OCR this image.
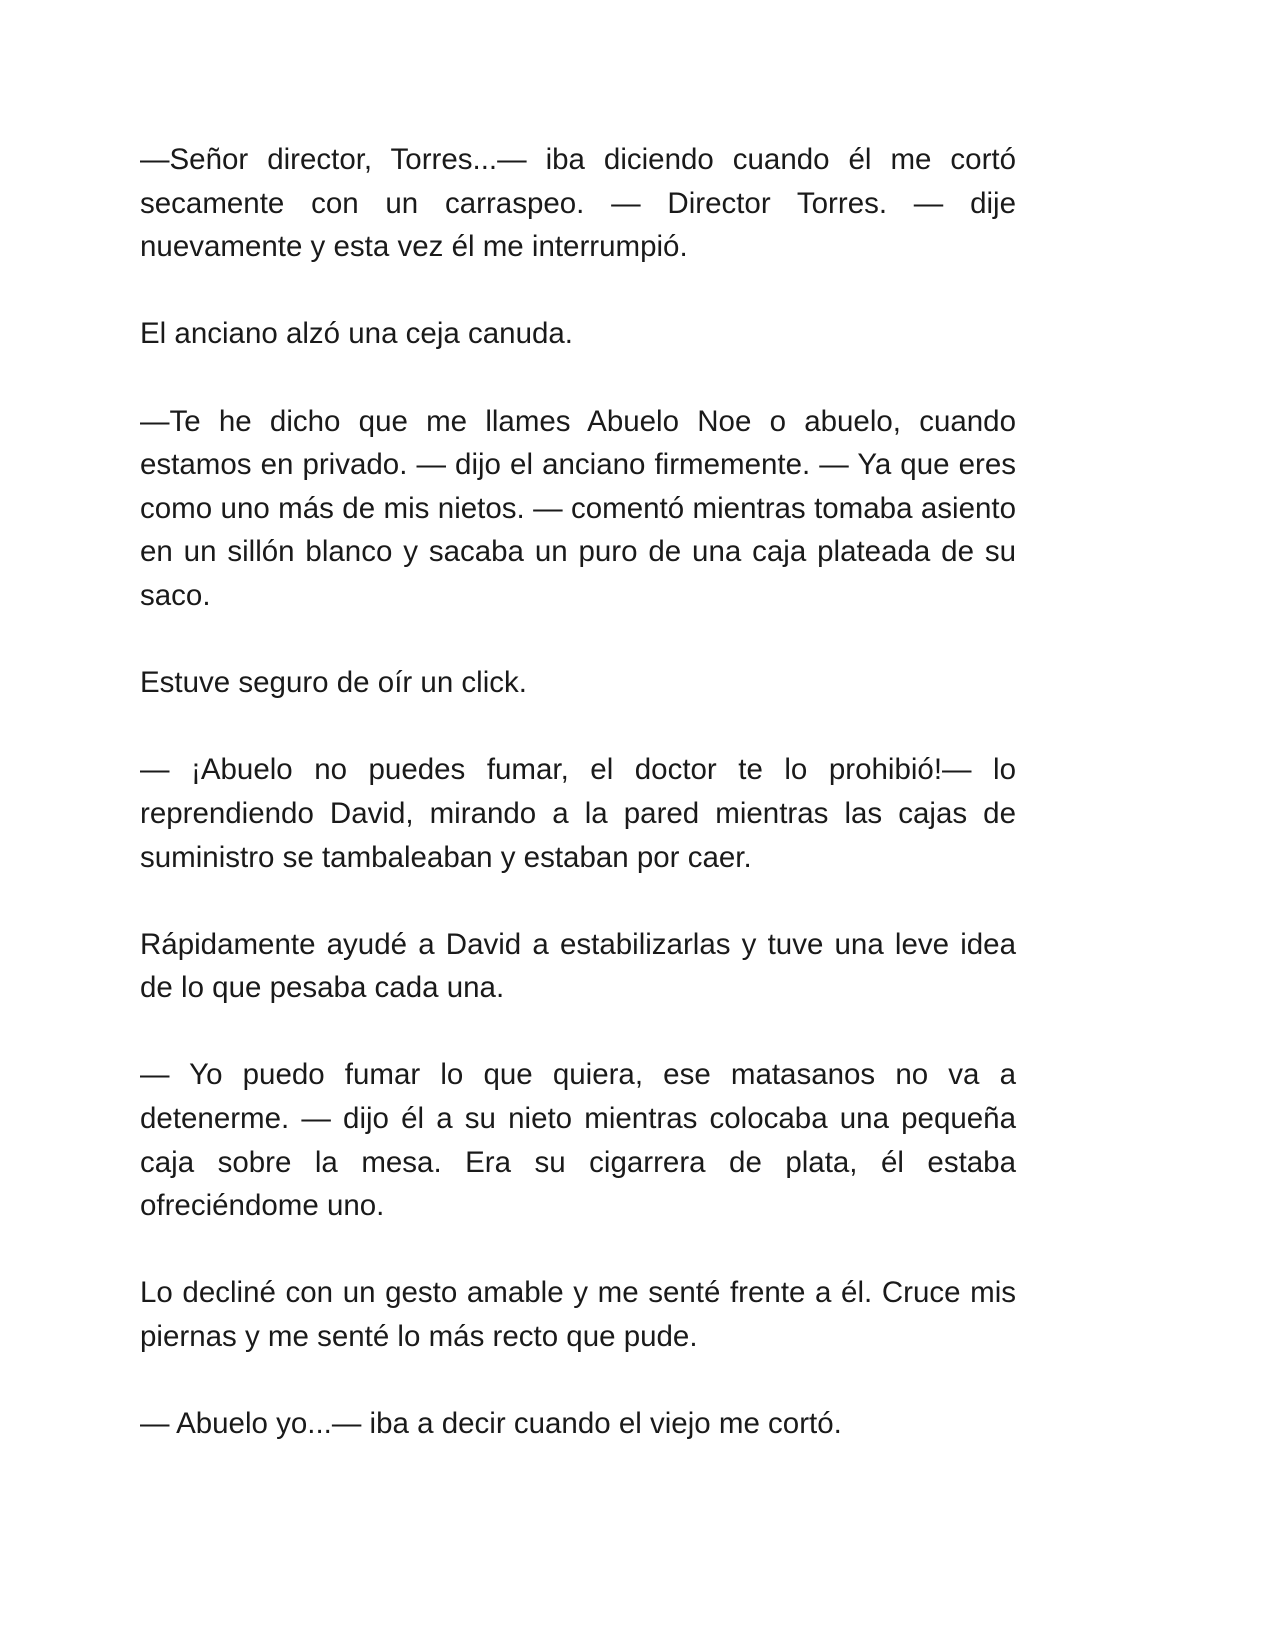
—Señor director, Torres...— iba diciendo cuando él me cortó secamente con un carraspeo. — Director Torres. — dije nuevamente y esta vez él me interrumpió.

El anciano alzó una ceja canuda.

—Te he dicho que me llames Abuelo Noe o abuelo, cuando estamos en privado. — dijo el anciano firmemente. — Ya que eres como uno más de mis nietos. — comentó mientras tomaba asiento en un sillón blanco y sacaba un puro de una caja plateada de su saco.

Estuve seguro de oír un click.

— ¡Abuelo no puedes fumar, el doctor te lo prohibió!— lo reprendiendo David, mirando a la pared mientras las cajas de suministro se tambaleaban y estaban por caer.

Rápidamente ayudé a David a estabilizarlas y tuve una leve idea de lo que pesaba cada una.

— Yo puedo fumar lo que quiera, ese matasanos no va a detenerme. — dijo él a su nieto mientras colocaba una pequeña caja sobre la mesa. Era su cigarrera de plata, él estaba ofreciéndome uno.

Lo decliné con un gesto amable y me senté frente a él. Cruce mis piernas y me senté lo más recto que pude.

— Abuelo yo...— iba a decir cuando el viejo me cortó.
